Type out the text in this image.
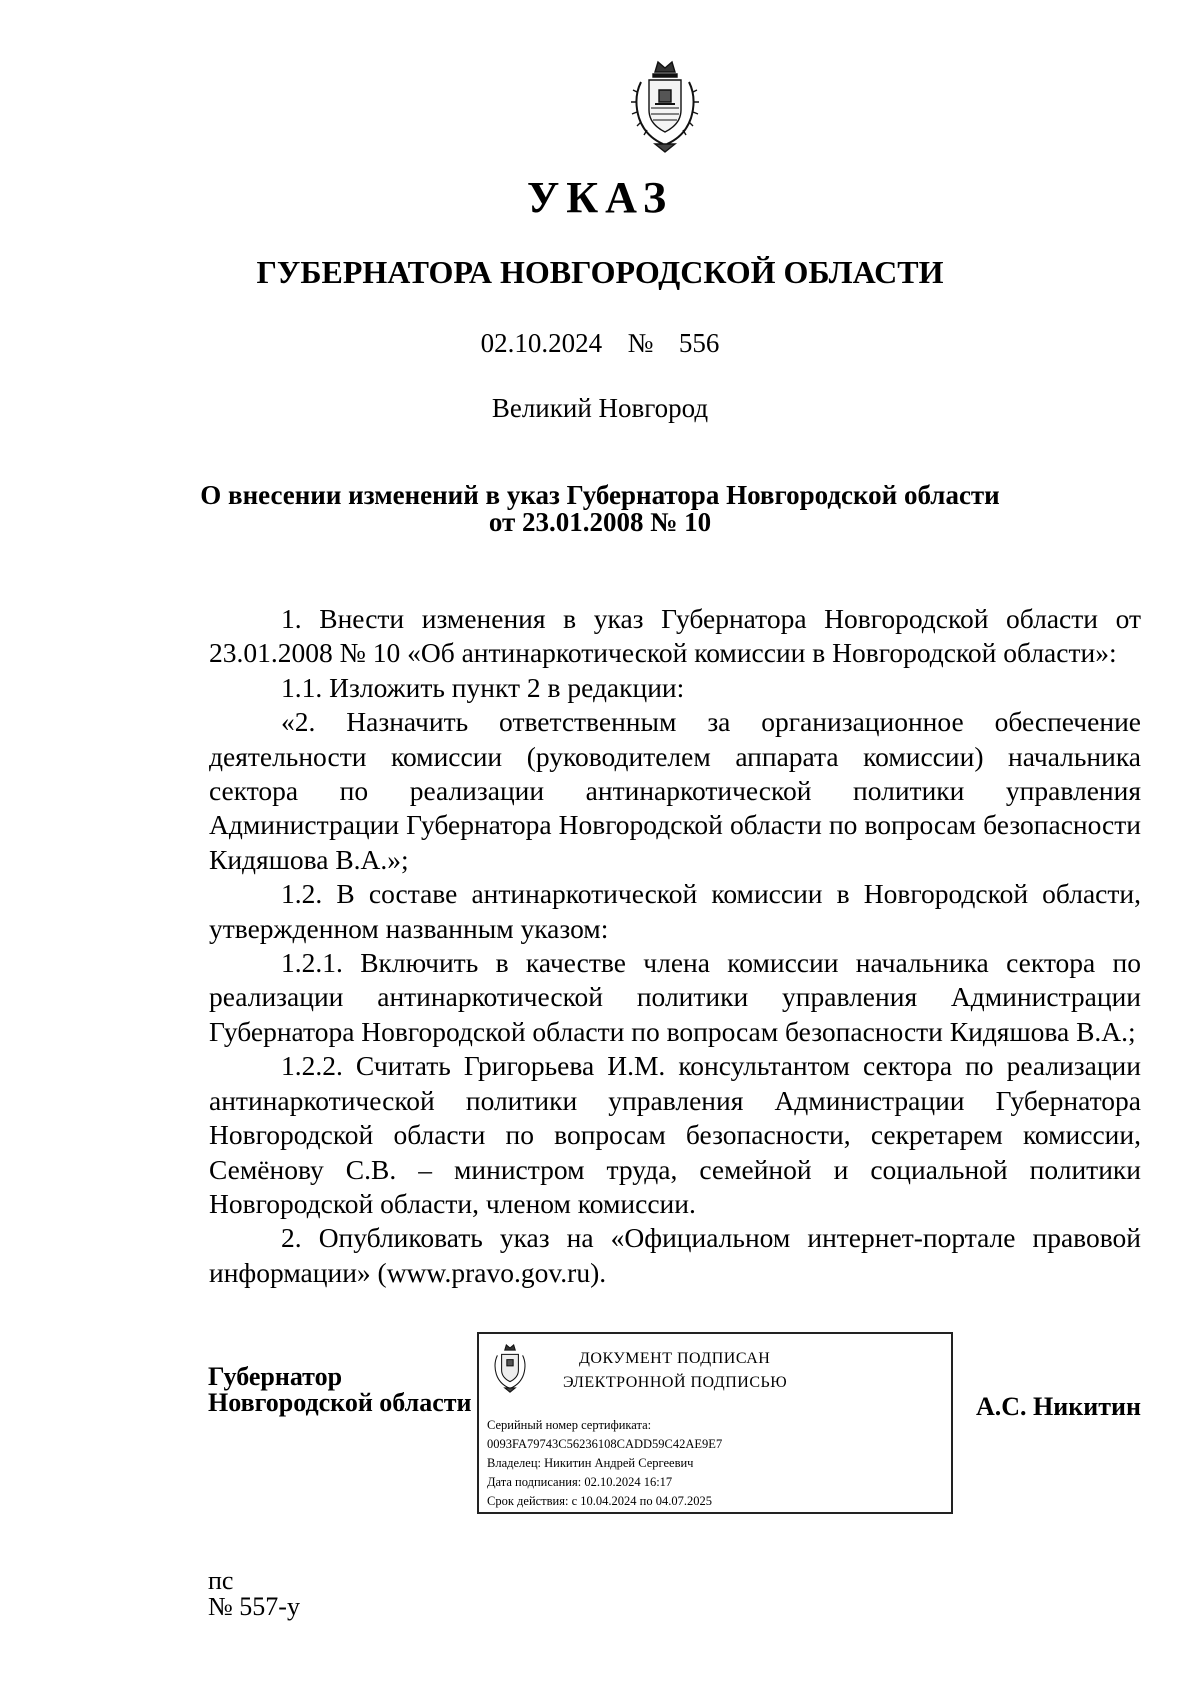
УКАЗ
ГУБЕРНАТОРА НОВГОРОДСКОЙ ОБЛАСТИ
02.10.2024  №  556
Великий Новгород
О внесении изменений в указ Губернатора Новгородской области
от 23.01.2008 № 10

1. Внести изменения в указ Губернатора Новгородской области от 23.01.2008 № 10 «Об антинаркотической комиссии в Новгородской области»:

1.1. Изложить пункт 2 в редакции:

«2. Назначить ответственным за организационное обеспечение деятельности комиссии (руководителем аппарата комиссии) начальника сектора по реализации антинаркотической политики управления Администрации Губернатора Новгородской области по вопросам безопасности Кидяшова В.А.»;

1.2. В составе антинаркотической комиссии в Новгородской области, утвержденном названным указом:

1.2.1. Включить в качестве члена комиссии начальника сектора по реализации антинаркотической политики управления Администрации Губернатора Новгородской области по вопросам безопасности Кидяшова В.А.;

1.2.2. Считать Григорьева И.М. консультантом сектора по реализации антинаркотической политики управления Администрации Губернатора Новгородской области по вопросам безопасности, секретарем комиссии, Семёнову С.В. – министром труда, семейной и социальной политики Новгородской области, членом комиссии.

2. Опубликовать указ на «Официальном интернет-портале правовой информации» (www.pravo.gov.ru).

Губернатор
Новгородской области
ДОКУМЕНТ ПОДПИСАН
ЭЛЕКТРОННОЙ ПОДПИСЬЮ
Серийный номер сертификата:
0093FA79743C56236108CADD59C42AE9E7
Владелец: Никитин Андрей Сергеевич
Дата подписания: 02.10.2024 16:17
Срок действия: с 10.04.2024 по 04.07.2025
А.С. Никитин
пс
№ 557-у
